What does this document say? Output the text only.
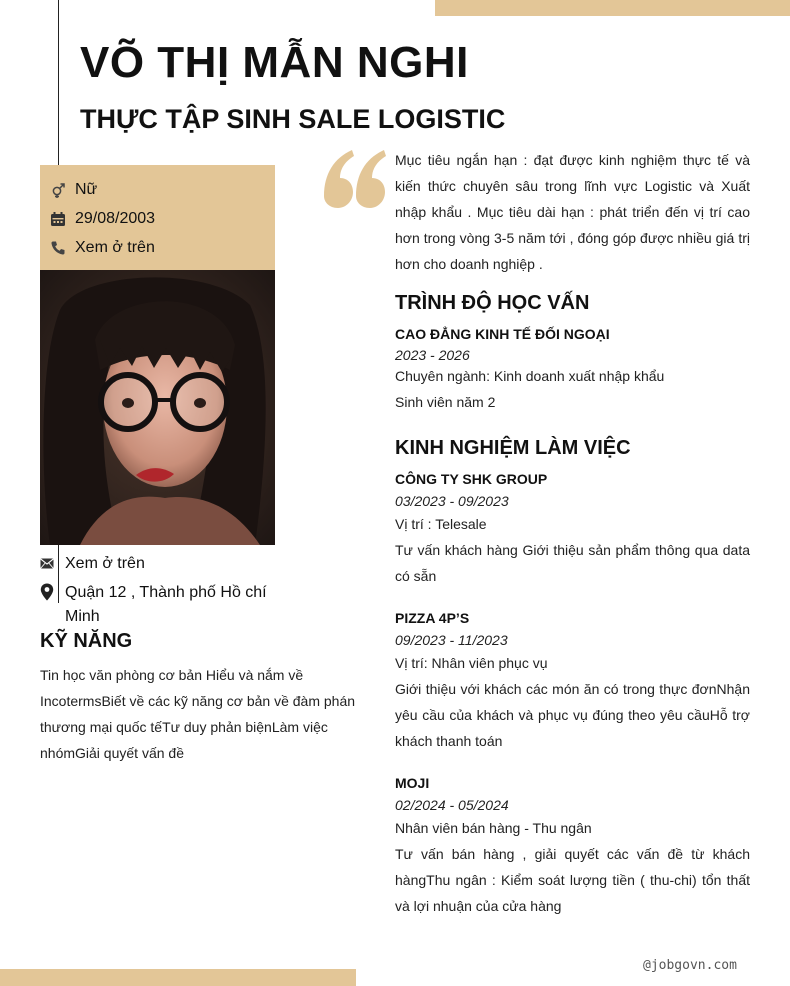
VÕ THỊ MẪN NGHI
THỰC TẬP SINH SALE LOGISTIC
Nữ
29/08/2003
Xem ở trên
Xem ở trên
Quận 12 , Thành phố Hồ chí
Minh
KỸ NĂNG

Tin học văn phòng cơ bản Hiểu và nắm về IncotermsBiết về các kỹ năng cơ bản về đàm phán thương mại quốc tếTư duy phản biệnLàm việc nhómGiải quyết vấn đề

Mục tiêu ngắn hạn : đạt được kinh nghiệm thực tế và kiến thức chuyên sâu trong lĩnh vực Logistic và Xuất nhập khẩu . Mục tiêu dài hạn : phát triển đến vị trí cao hơn trong vòng 3-5 năm tới , đóng góp được nhiều giá trị hơn cho doanh nghiệp .

TRÌNH ĐỘ HỌC VẤN

CAO ĐẲNG KINH TẾ ĐỐI NGOẠI

2023 - 2026

Chuyên ngành: Kinh doanh xuất nhập khẩu

Sinh viên năm 2

KINH NGHIỆM LÀM VIỆC

CÔNG TY SHK GROUP

03/2023 - 09/2023

Vị trí : Telesale

Tư vấn khách hàng Giới thiệu sản phẩm thông qua data có sẵn

PIZZA 4P’S

09/2023 - 11/2023

Vị trí: Nhân viên phục vụ

Giới thiệu với khách các món ăn có trong thực đơnNhận yêu cầu của khách và phục vụ đúng theo yêu cầuHỗ trợ khách thanh toán

MOJI

02/2024 - 05/2024

Nhân viên bán hàng - Thu ngân

Tư vấn bán hàng , giải quyết các vấn đề từ khách hàngThu ngân : Kiểm soát lượng tiền ( thu-chi) tổn thất và lợi nhuận của cửa hàng

@jobgovn.com
